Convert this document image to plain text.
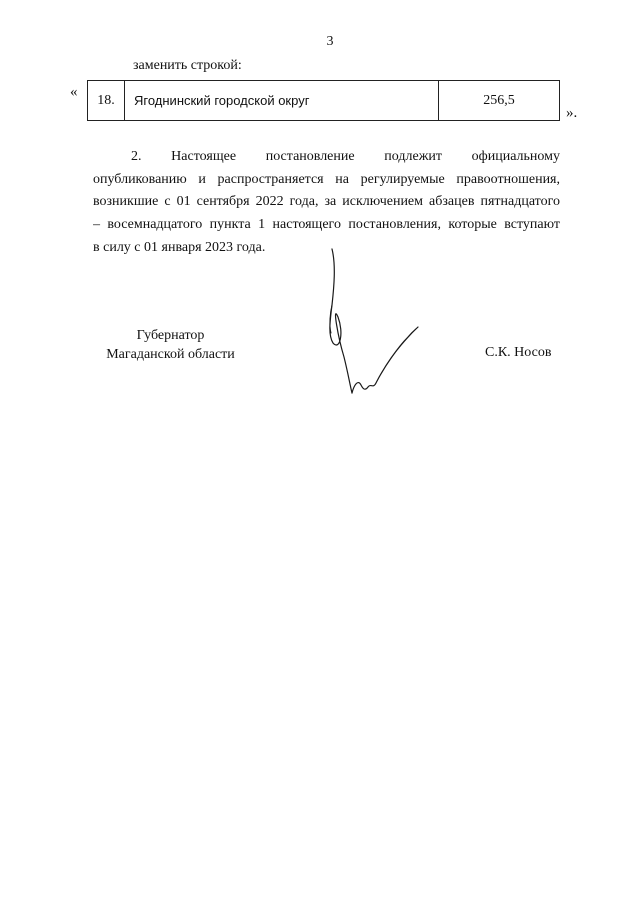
3
заменить строкой:
« 18.	Ягоднинский городской округ	256,5
».
2. Настоящее постановление подлежит официальному
опубликованию и распространяется на регулируемые правоотношения,
возникшие с 01 сентября 2022 года, за исключением абзацев пятнадцатого
– восемнадцатого пункта 1 настоящего постановления, которые вступают
в силу с 01 января 2023 года.
Губернатор
Магаданской области	С.К. Носов
